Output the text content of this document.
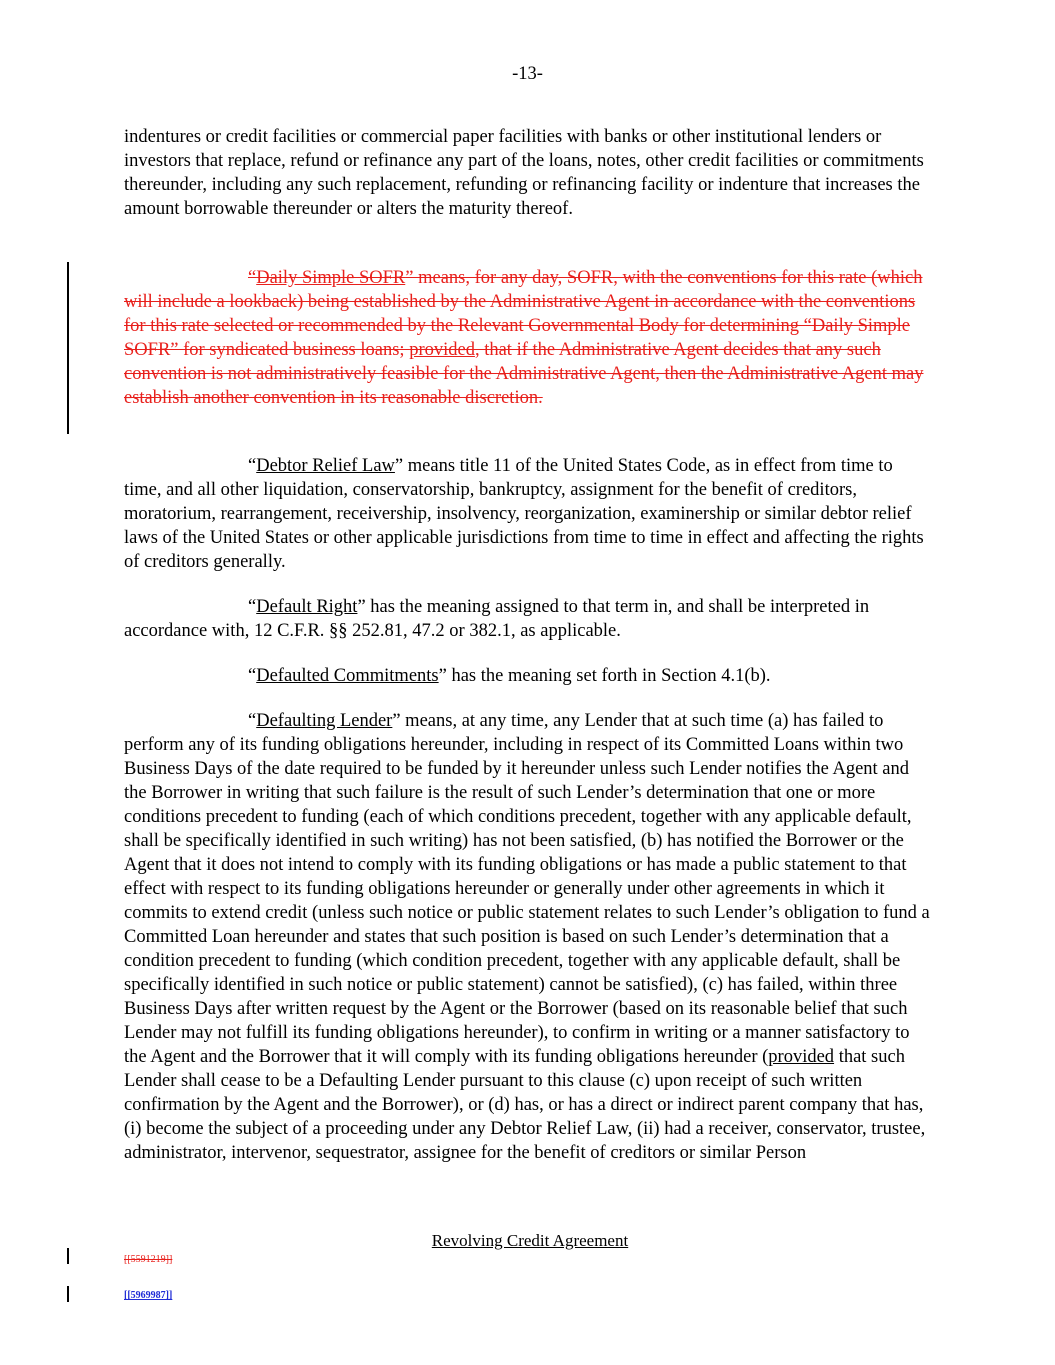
-13-

indentures or credit facilities or commercial paper facilities with banks or other institutional lenders or investors that replace, refund or refinance any part of the loans, notes, other credit facilities or commitments thereunder, including any such replacement, refunding or refinancing facility or indenture that increases the amount borrowable thereunder or alters the maturity thereof.

“Daily Simple SOFR” means, for any day, SOFR, with the conventions for this rate (which will include a lookback) being established by the Administrative Agent in accordance with the conventions for this rate selected or recommended by the Relevant Governmental Body for determining “Daily Simple SOFR” for syndicated business loans; provided, that if the Administrative Agent decides that any such convention is not administratively feasible for the Administrative Agent, then the Administrative Agent may establish another convention in its reasonable discretion.

“Debtor Relief Law” means title 11 of the United States Code, as in effect from time to time, and all other liquidation, conservatorship, bankruptcy, assignment for the benefit of creditors, moratorium, rearrangement, receivership, insolvency, reorganization, examinership or similar debtor relief laws of the United States or other applicable jurisdictions from time to time in effect and affecting the rights of creditors generally.

“Default Right” has the meaning assigned to that term in, and shall be interpreted in accordance with, 12 C.F.R. §§ 252.81, 47.2 or 382.1, as applicable.

“Defaulted Commitments” has the meaning set forth in Section 4.1(b).

“Defaulting Lender” means, at any time, any Lender that at such time (a) has failed to perform any of its funding obligations hereunder, including in respect of its Committed Loans within two Business Days of the date required to be funded by it hereunder unless such Lender notifies the Agent and the Borrower in writing that such failure is the result of such Lender’s determination that one or more conditions precedent to funding (each of which conditions precedent, together with any applicable default, shall be specifically identified in such writing) has not been satisfied, (b) has notified the Borrower or the Agent that it does not intend to comply with its funding obligations or has made a public statement to that effect with respect to its funding obligations hereunder or generally under other agreements in which it commits to extend credit (unless such notice or public statement relates to such Lender’s obligation to fund a Committed Loan hereunder and states that such position is based on such Lender’s determination that a condition precedent to funding (which condition precedent, together with any applicable default, shall be specifically identified in such notice or public statement) cannot be satisfied), (c) has failed, within three Business Days after written request by the Agent or the Borrower (based on its reasonable belief that such Lender may not fulfill its funding obligations hereunder), to confirm in writing or a manner satisfactory to the Agent and the Borrower that it will comply with its funding obligations hereunder (provided that such Lender shall cease to be a Defaulting Lender pursuant to this clause (c) upon receipt of such written confirmation by the Agent and the Borrower), or (d) has, or has a direct or indirect parent company that has, (i) become the subject of a proceeding under any Debtor Relief Law, (ii) had a receiver, conservator, trustee, administrator, intervenor, sequestrator, assignee for the benefit of creditors or similar Person

Revolving Credit Agreement
[[5591219]]
[[5969987]]
